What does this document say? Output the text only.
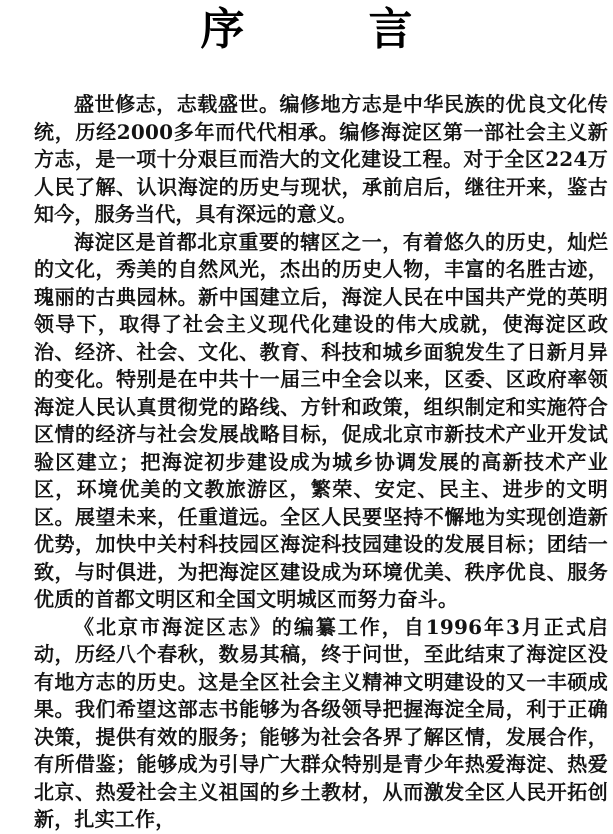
序　言

盛世修志，志载盛世。编修地方志是中华民族的优良文化传统，历经2000多年而代代相承。编修海淀区第一部社会主义新方志，是一项十分艰巨而浩大的文化建设工程。对于全区224万人民了解、认识海淀的历史与现状，承前启后，继往开来，鉴古知今，服务当代，具有深远的意义。

海淀区是首都北京重要的辖区之一，有着悠久的历史，灿烂的文化，秀美的自然风光，杰出的历史人物，丰富的名胜古迹，瑰丽的古典园林。新中国建立后，海淀人民在中国共产党的英明领导下，取得了社会主义现代化建设的伟大成就，使海淀区政治、经济、社会、文化、教育、科技和城乡面貌发生了日新月异的变化。特别是在中共十一届三中全会以来，区委、区政府率领海淀人民认真贯彻党的路线、方针和政策，组织制定和实施符合区情的经济与社会发展战略目标，促成北京市新技术产业开发试验区建立；把海淀初步建设成为城乡协调发展的高新技术产业区，环境优美的文教旅游区，繁荣、安定、民主、进步的文明区。展望未来，任重道远。全区人民要坚持不懈地为实现创造新优势，加快中关村科技园区海淀科技园建设的发展目标；团结一致，与时俱进，为把海淀区建设成为环境优美、秩序优良、服务优质的首都文明区和全国文明城区而努力奋斗。

《北京市海淀区志》的编纂工作，自1996年3月正式启动，历经八个春秋，数易其稿，终于问世，至此结束了海淀区没有地方志的历史。这是全区社会主义精神文明建设的又一丰硕成果。我们希望这部志书能够为各级领导把握海淀全局，利于正确决策，提供有效的服务；能够为社会各界了解区情，发展合作，有所借鉴；能够成为引导广大群众特别是青少年热爱海淀、热爱北京、热爱社会主义祖国的乡土教材，从而激发全区人民开拓创新，扎实工作，
